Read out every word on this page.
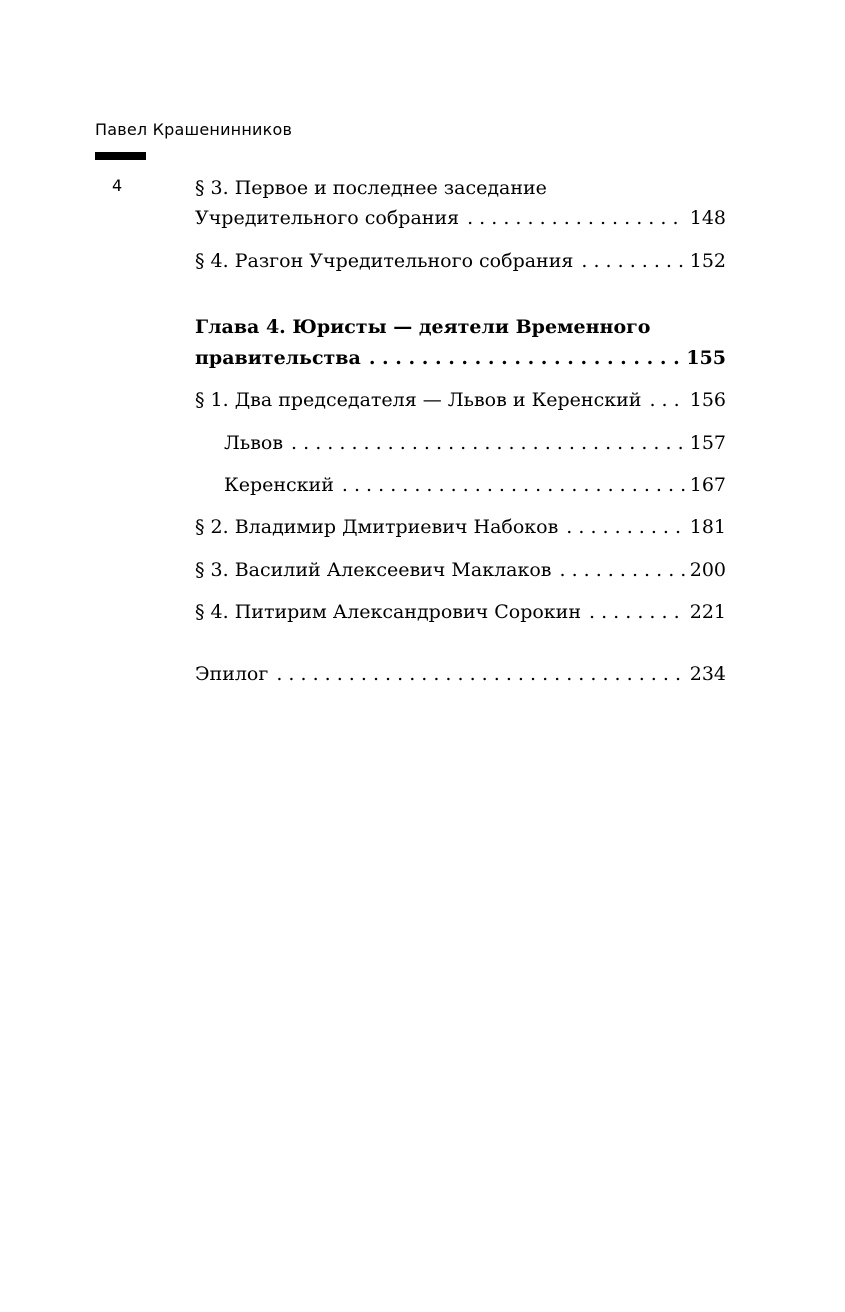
Павел Крашенинников
4	§ 3. Первое и последнее заседание
Учредительного собрания . . .	148
§ 4. Разгон Учредительного собрания . . .	152
Глава 4. Юристы — деятели Временного
правительства . . .	155
§ 1. Два председателя — Львов и Керенский . . .	156
Львов . . .	157
Керенский . . .	167
§ 2. Владимир Дмитриевич Набоков . . .	181
§ 3. Василий Алексеевич Маклаков . . .	200
§ 4. Питирим Александрович Сорокин . . .	221
Эпилог . . .	234
